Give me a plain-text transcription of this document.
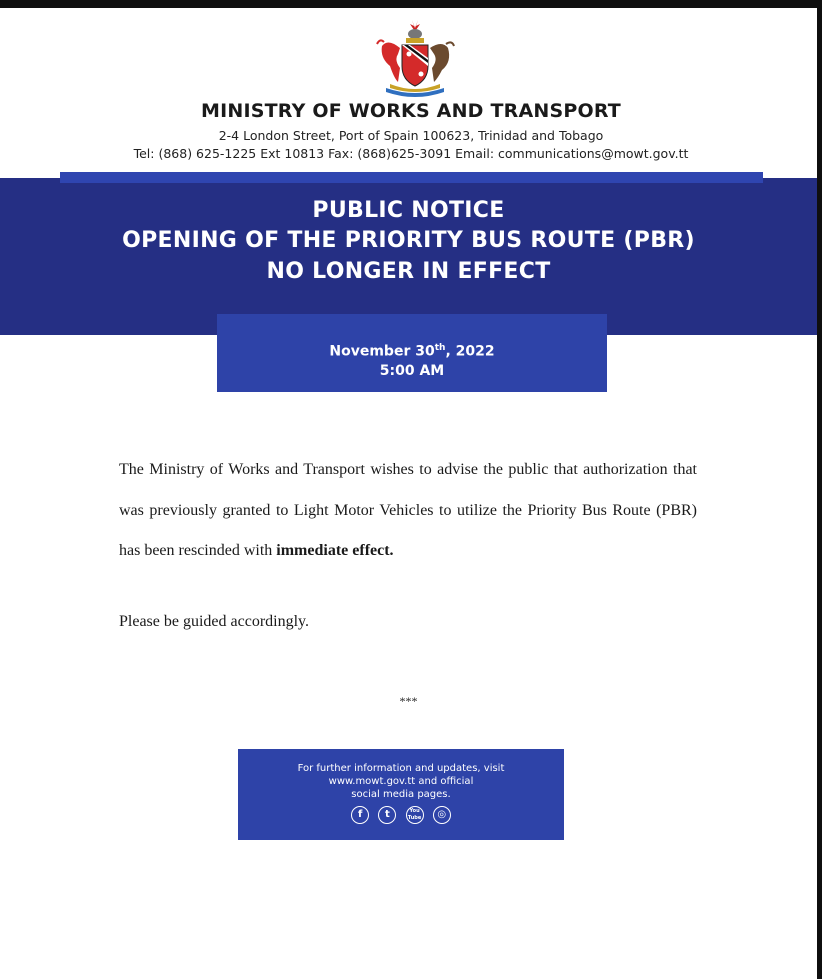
MINISTRY OF WORKS AND TRANSPORT
2-4 London Street, Port of Spain 100623, Trinidad and Tobago
Tel: (868) 625-1225 Ext 10813 Fax: (868)625-3091 Email: communications@mowt.gov.tt
PUBLIC NOTICE
OPENING OF THE PRIORITY BUS ROUTE (PBR)
NO LONGER IN EFFECT
November 30th, 2022
5:00 AM
The Ministry of Works and Transport wishes to advise the public that authorization that was previously granted to Light Motor Vehicles to utilize the Priority Bus Route (PBR) has been rescinded with immediate effect.
Please be guided accordingly.
***
For further information and updates, visit
www.mowt.gov.tt and official
social media pages.
f t	You
Tube ◎
